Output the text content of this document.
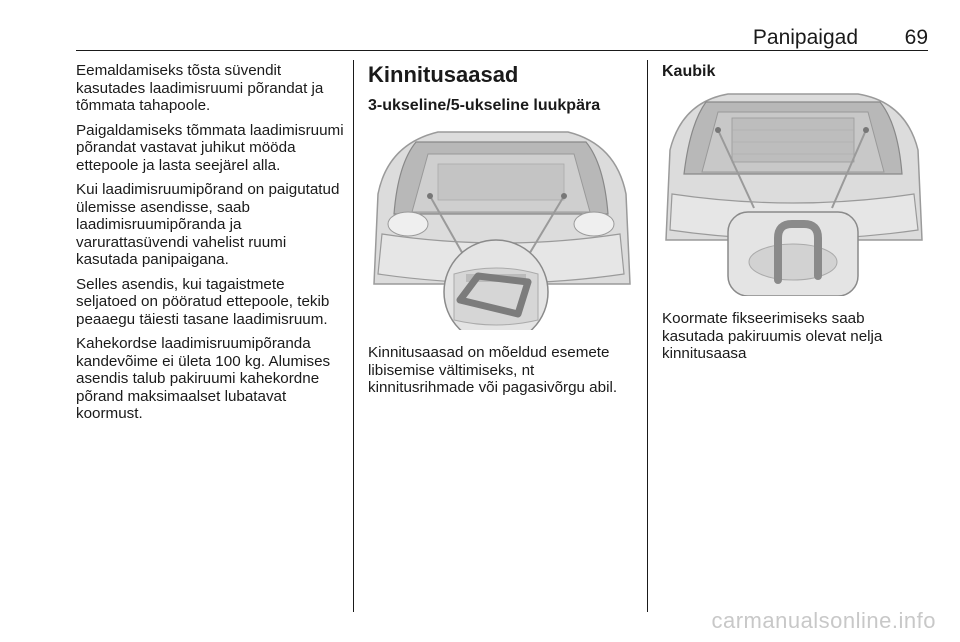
Panipaigad 69

Eemaldamiseks tõsta süvendit kasutades laadimisruumi põrandat ja tõmmata tahapoole.

Paigaldamiseks tõmmata laadimisruumi põrandat vastavat juhikut mööda ettepoole ja lasta seejärel alla.

Kui laadimisruumipõrand on paigutatud ülemisse asendisse, saab laadimisruumipõranda ja varurattasüvendi vahelist ruumi kasutada panipaigana.

Selles asendis, kui tagaistmete seljatoed on pööratud ettepoole, tekib peaaegu täiesti tasane laadimisruum.

Kahekordse laadimisruumipõranda kandevõime ei ületa 100 kg. Alumises asendis talub pakiruumi kahekordne põrand maksimaalset lubatavat koormust.

Kinnitusaasad
3-ukseline/5-ukseline luukpära

Kinnitusaasad on mõeldud esemete libisemise vältimiseks, nt kinnitusrihmade või pagasivõrgu abil.

Kaubik

Koormate fikseerimiseks saab kasutada pakiruumis olevat nelja kinnitusaasa

carmanualsonline.info
